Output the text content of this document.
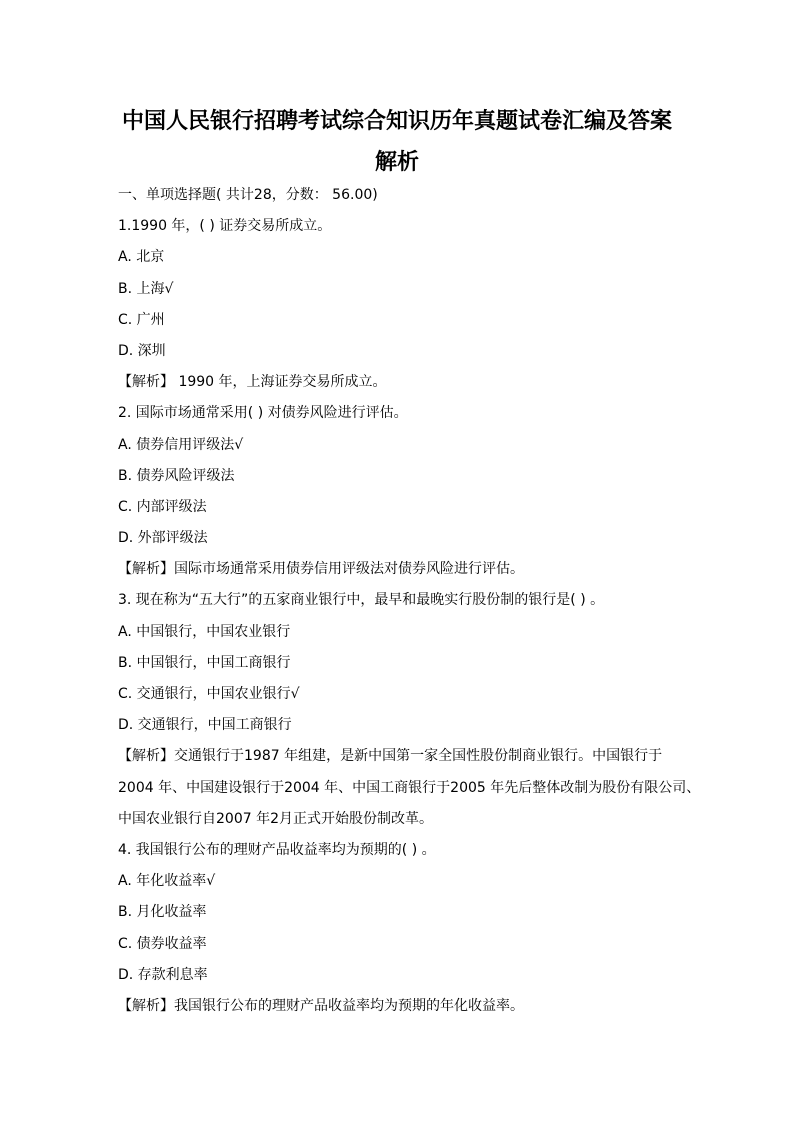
中国人民银行招聘考试综合知识历年真题试卷汇编及答案
解析
一、单项选择题( 共计28，分数： 56.00)
1.1990 年，( ) 证券交易所成立。
A. 北京
B. 上海√
C. 广州
D. 深圳
【解析】 1990 年，上海证券交易所成立。
2. 国际市场通常采用( ) 对债券风险进行评估。
A. 债券信用评级法√
B. 债券风险评级法
C. 内部评级法
D. 外部评级法
【解析】国际市场通常采用债券信用评级法对债券风险进行评估。
3. 现在称为“五大行”的五家商业银行中，最早和最晚实行股份制的银行是( ) 。
A. 中国银行，中国农业银行
B. 中国银行，中国工商银行
C. 交通银行，中国农业银行√
D. 交通银行，中国工商银行
【解析】交通银行于1987 年组建，是新中国第一家全国性股份制商业银行。中国银行于
2004 年、中国建设银行于2004 年、中国工商银行于2005 年先后整体改制为股份有限公司、
中国农业银行自2007 年2月正式开始股份制改革。
4. 我国银行公布的理财产品收益率均为预期的( ) 。
A. 年化收益率√
B. 月化收益率
C. 债券收益率
D. 存款利息率
【解析】我国银行公布的理财产品收益率均为预期的年化收益率。
